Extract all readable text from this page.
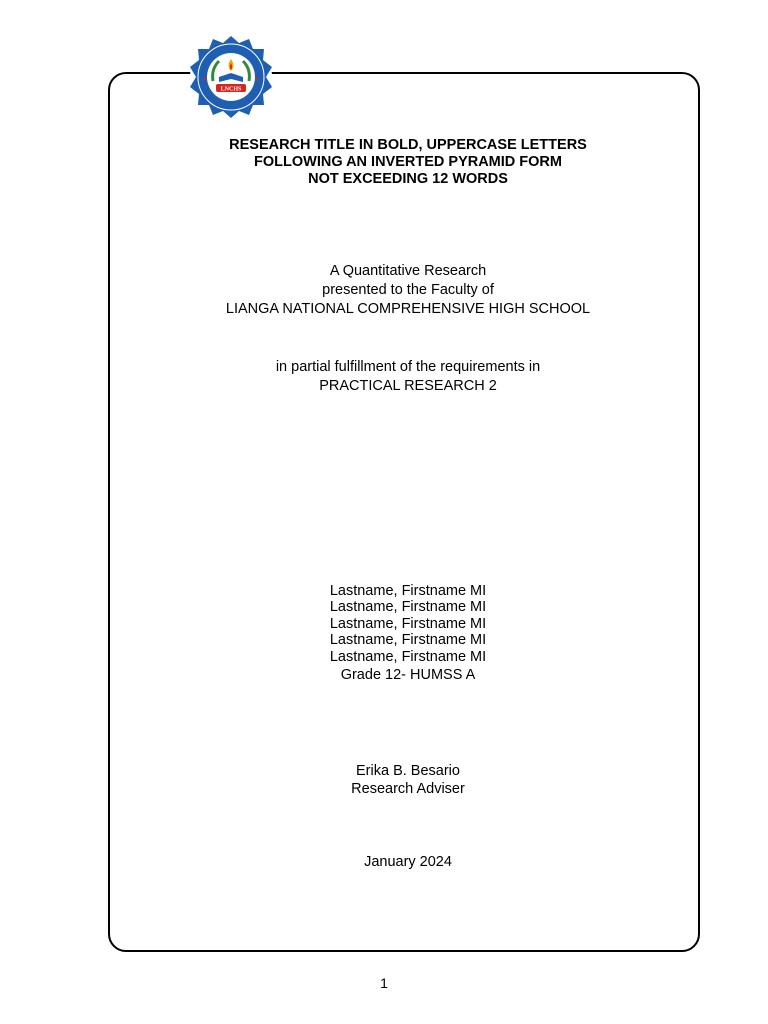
LNCHS
RESEARCH TITLE IN BOLD, UPPERCASE LETTERS
FOLLOWING AN INVERTED PYRAMID FORM
NOT EXCEEDING 12 WORDS
A Quantitative Research
presented to the Faculty of
LIANGA NATIONAL COMPREHENSIVE HIGH SCHOOL
in partial fulfillment of the requirements in
PRACTICAL RESEARCH 2
Lastname, Firstname MI
Lastname, Firstname MI
Lastname, Firstname MI
Lastname, Firstname MI
Lastname, Firstname MI
Grade 12- HUMSS A
Erika B. Besario
Research Adviser
January 2024
1
